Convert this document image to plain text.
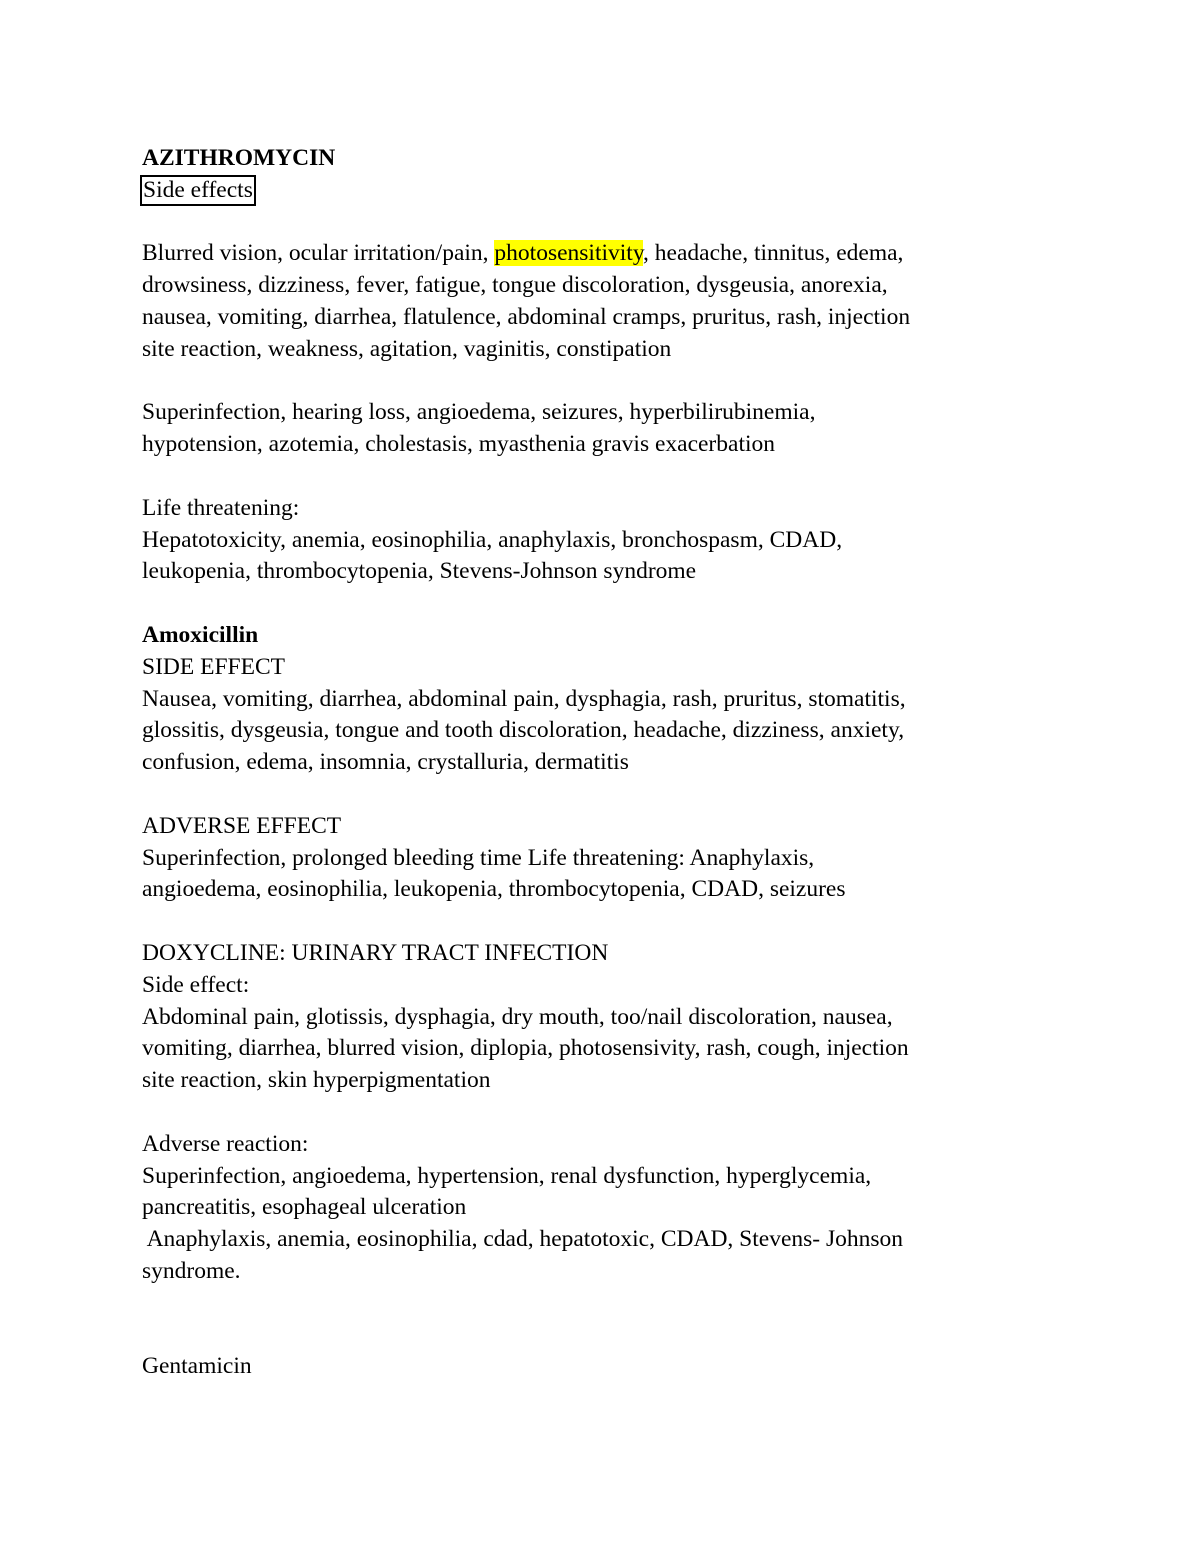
AZITHROMYCIN
Side effects
Blurred vision, ocular irritation/pain, photosensitivity, headache, tinnitus, edema,
drowsiness, dizziness, fever, fatigue, tongue discoloration, dysgeusia, anorexia,
nausea, vomiting, diarrhea, flatulence, abdominal cramps, pruritus, rash, injection
site reaction, weakness, agitation, vaginitis, constipation
Superinfection, hearing loss, angioedema, seizures, hyperbilirubinemia,
hypotension, azotemia, cholestasis, myasthenia gravis exacerbation
Life threatening:
Hepatotoxicity, anemia, eosinophilia, anaphylaxis, bronchospasm, CDAD,
leukopenia, thrombocytopenia, Stevens-Johnson syndrome
Amoxicillin
SIDE EFFECT
Nausea, vomiting, diarrhea, abdominal pain, dysphagia, rash, pruritus, stomatitis,
glossitis, dysgeusia, tongue and tooth discoloration, headache, dizziness, anxiety,
confusion, edema, insomnia, crystalluria, dermatitis
ADVERSE EFFECT
Superinfection, prolonged bleeding time Life threatening: Anaphylaxis,
angioedema, eosinophilia, leukopenia, thrombocytopenia, CDAD, seizures
DOXYCLINE: URINARY TRACT INFECTION
Side effect:
Abdominal pain, glotissis, dysphagia, dry mouth, too/nail discoloration, nausea,
vomiting, diarrhea, blurred vision, diplopia, photosensivity, rash, cough, injection
site reaction, skin hyperpigmentation
Adverse reaction:
Superinfection, angioedema, hypertension, renal dysfunction, hyperglycemia,
pancreatitis, esophageal ulceration
Anaphylaxis, anemia, eosinophilia, cdad, hepatotoxic, CDAD, Stevens- Johnson
syndrome.
Gentamicin
